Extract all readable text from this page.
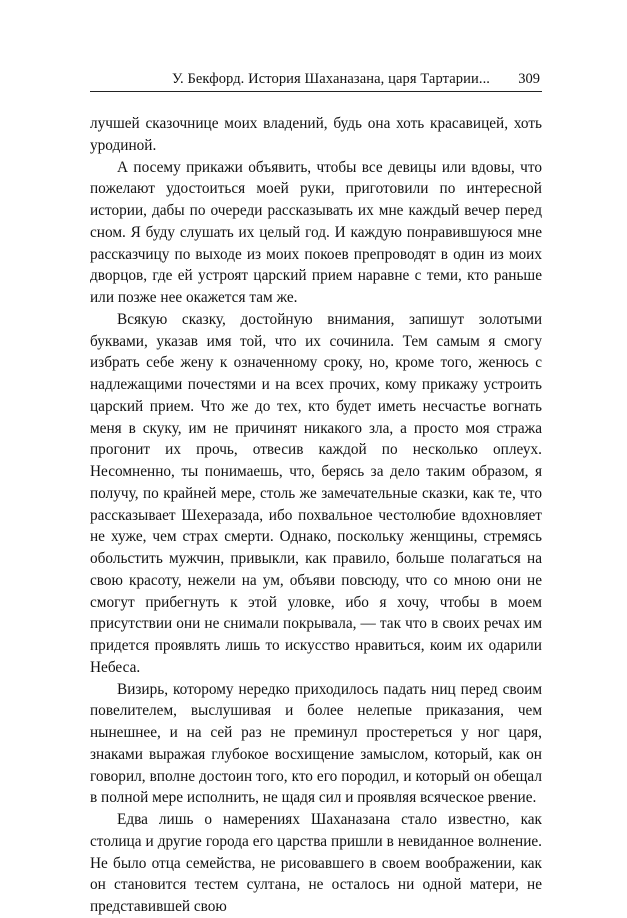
У. Бекфорд. История Шаханазана, царя Тартарии... 309

лучшей сказочнице моих владений, будь она хоть красавицей, хоть уродиной.

А посему прикажи объявить, чтобы все девицы или вдовы, что пожелают удостоиться моей руки, приготовили по интересной истории, дабы по очереди рассказывать их мне каждый вечер перед сном. Я буду слушать их целый год. И каждую понравившуюся мне рассказчицу по выходе из моих покоев препроводят в один из моих дворцов, где ей устроят царский прием наравне с теми, кто раньше или позже нее окажется там же.

Всякую сказку, достойную внимания, запишут золотыми буквами, указав имя той, что их сочинила. Тем самым я смогу избрать себе жену к означенному сроку, но, кроме того, женюсь с надлежащими почестями и на всех прочих, кому прикажу устроить царский прием. Что же до тех, кто будет иметь несчастье вогнать меня в скуку, им не причинят никакого зла, а просто моя стража прогонит их прочь, отвесив каждой по несколько оплеух. Несомненно, ты понимаешь, что, берясь за дело таким образом, я получу, по крайней мере, столь же замечательные сказки, как те, что рассказывает Шехеразада, ибо похвальное честолюбие вдохновляет не хуже, чем страх смерти. Однако, поскольку женщины, стремясь обольстить мужчин, привыкли, как правило, больше полагаться на свою красоту, нежели на ум, объяви повсюду, что со мною они не смогут прибегнуть к этой уловке, ибо я хочу, чтобы в моем присутствии они не снимали покрывала, — так что в своих речах им придется проявлять лишь то искусство нравиться, коим их одарили Небеса.

Визирь, которому нередко приходилось падать ниц перед своим повелителем, выслушивая и более нелепые приказания, чем нынешнее, и на сей раз не преминул простереться у ног царя, знаками выражая глубокое восхищение замыслом, который, как он говорил, вполне достоин того, кто его породил, и который он обещал в полной мере исполнить, не щадя сил и проявляя всяческое рвение.

Едва лишь о намерениях Шаханазана стало известно, как столица и другие города его царства пришли в невиданное волнение. Не было отца семейства, не рисовавшего в своем воображении, как он становится тестем султана, не осталось ни одной матери, не представившей свою
